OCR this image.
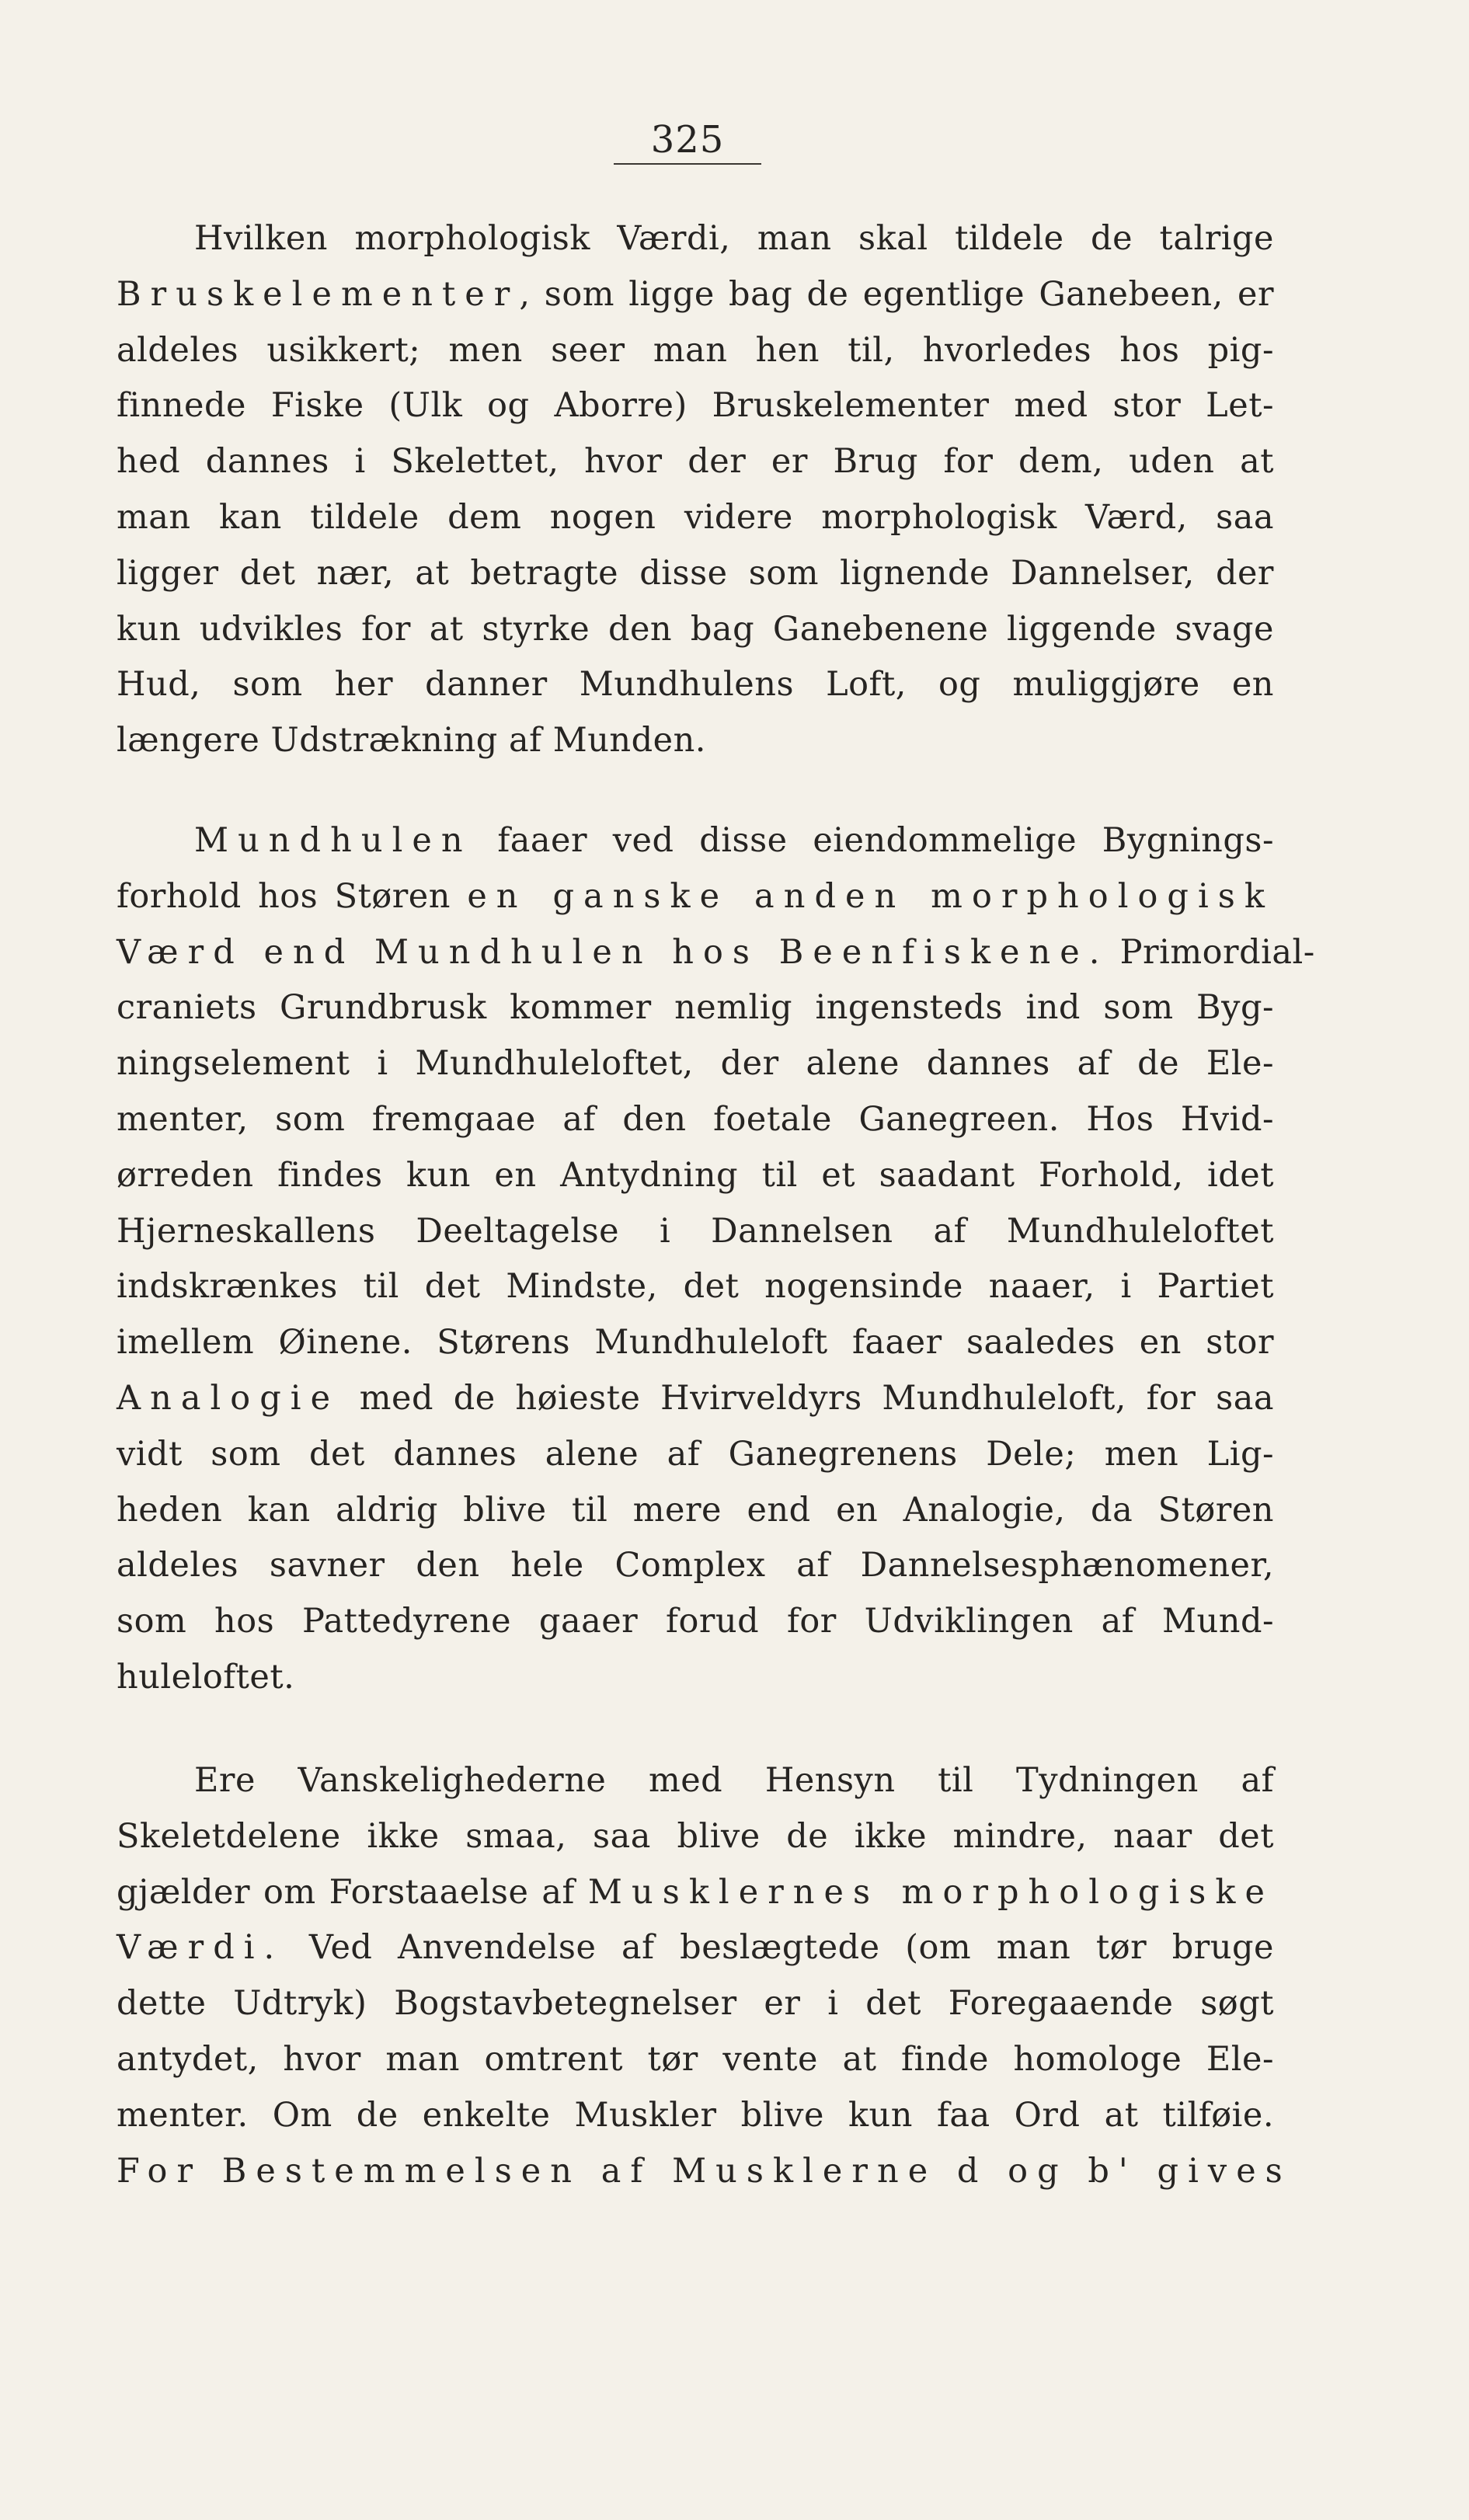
325
Hvilken morphologisk Værdi, man skal tildele de talrige
Bruskelementer, som ligge bag de egentlige Ganebeen, er
aldeles usikkert; men seer man hen til, hvorledes hos pig-
finnede Fiske (Ulk og Aborre) Bruskelementer med stor Let-
hed dannes i Skelettet, hvor der er Brug for dem, uden at
man kan tildele dem nogen videre morphologisk Værd, saa
ligger det nær, at betragte disse som lignende Dannelser, der
kun udvikles for at styrke den bag Ganebenene liggende svage
Hud, som her danner Mundhulens Loft, og muliggjøre en
længere Udstrækning af Munden.
Mundhulen faaer ved disse eiendommelige Bygnings-
forhold hos Støren en ganske anden morphologisk
Værd end Mundhulen hos Beenfiskene. Primordial-
craniets Grundbrusk kommer nemlig ingensteds ind som Byg-
ningselement i Mundhuleloftet, der alene dannes af de Ele-
menter, som fremgaae af den foetale Ganegreen. Hos Hvid-
ørreden findes kun en Antydning til et saadant Forhold, idet
Hjerneskallens Deeltagelse i Dannelsen af Mundhuleloftet
indskrænkes til det Mindste, det nogensinde naaer, i Partiet
imellem Øinene. Størens Mundhuleloft faaer saaledes en stor
Analogie med de høieste Hvirveldyrs Mundhuleloft, for saa
vidt som det dannes alene af Ganegrenens Dele; men Lig-
heden kan aldrig blive til mere end en Analogie, da Støren
aldeles savner den hele Complex af Dannelsesphænomener,
som hos Pattedyrene gaaer forud for Udviklingen af Mund-
huleloftet.
Ere Vanskelighederne med Hensyn til Tydningen af
Skeletdelene ikke smaa, saa blive de ikke mindre, naar det
gjælder om Forstaaelse af Musklernes morphologiske
Værdi. Ved Anvendelse af beslægtede (om man tør bruge
dette Udtryk) Bogstavbetegnelser er i det Foregaaende søgt
antydet, hvor man omtrent tør vente at finde homologe Ele-
menter. Om de enkelte Muskler blive kun faa Ord at tilføie.
For Bestemmelsen af Musklerne d og b' gives
